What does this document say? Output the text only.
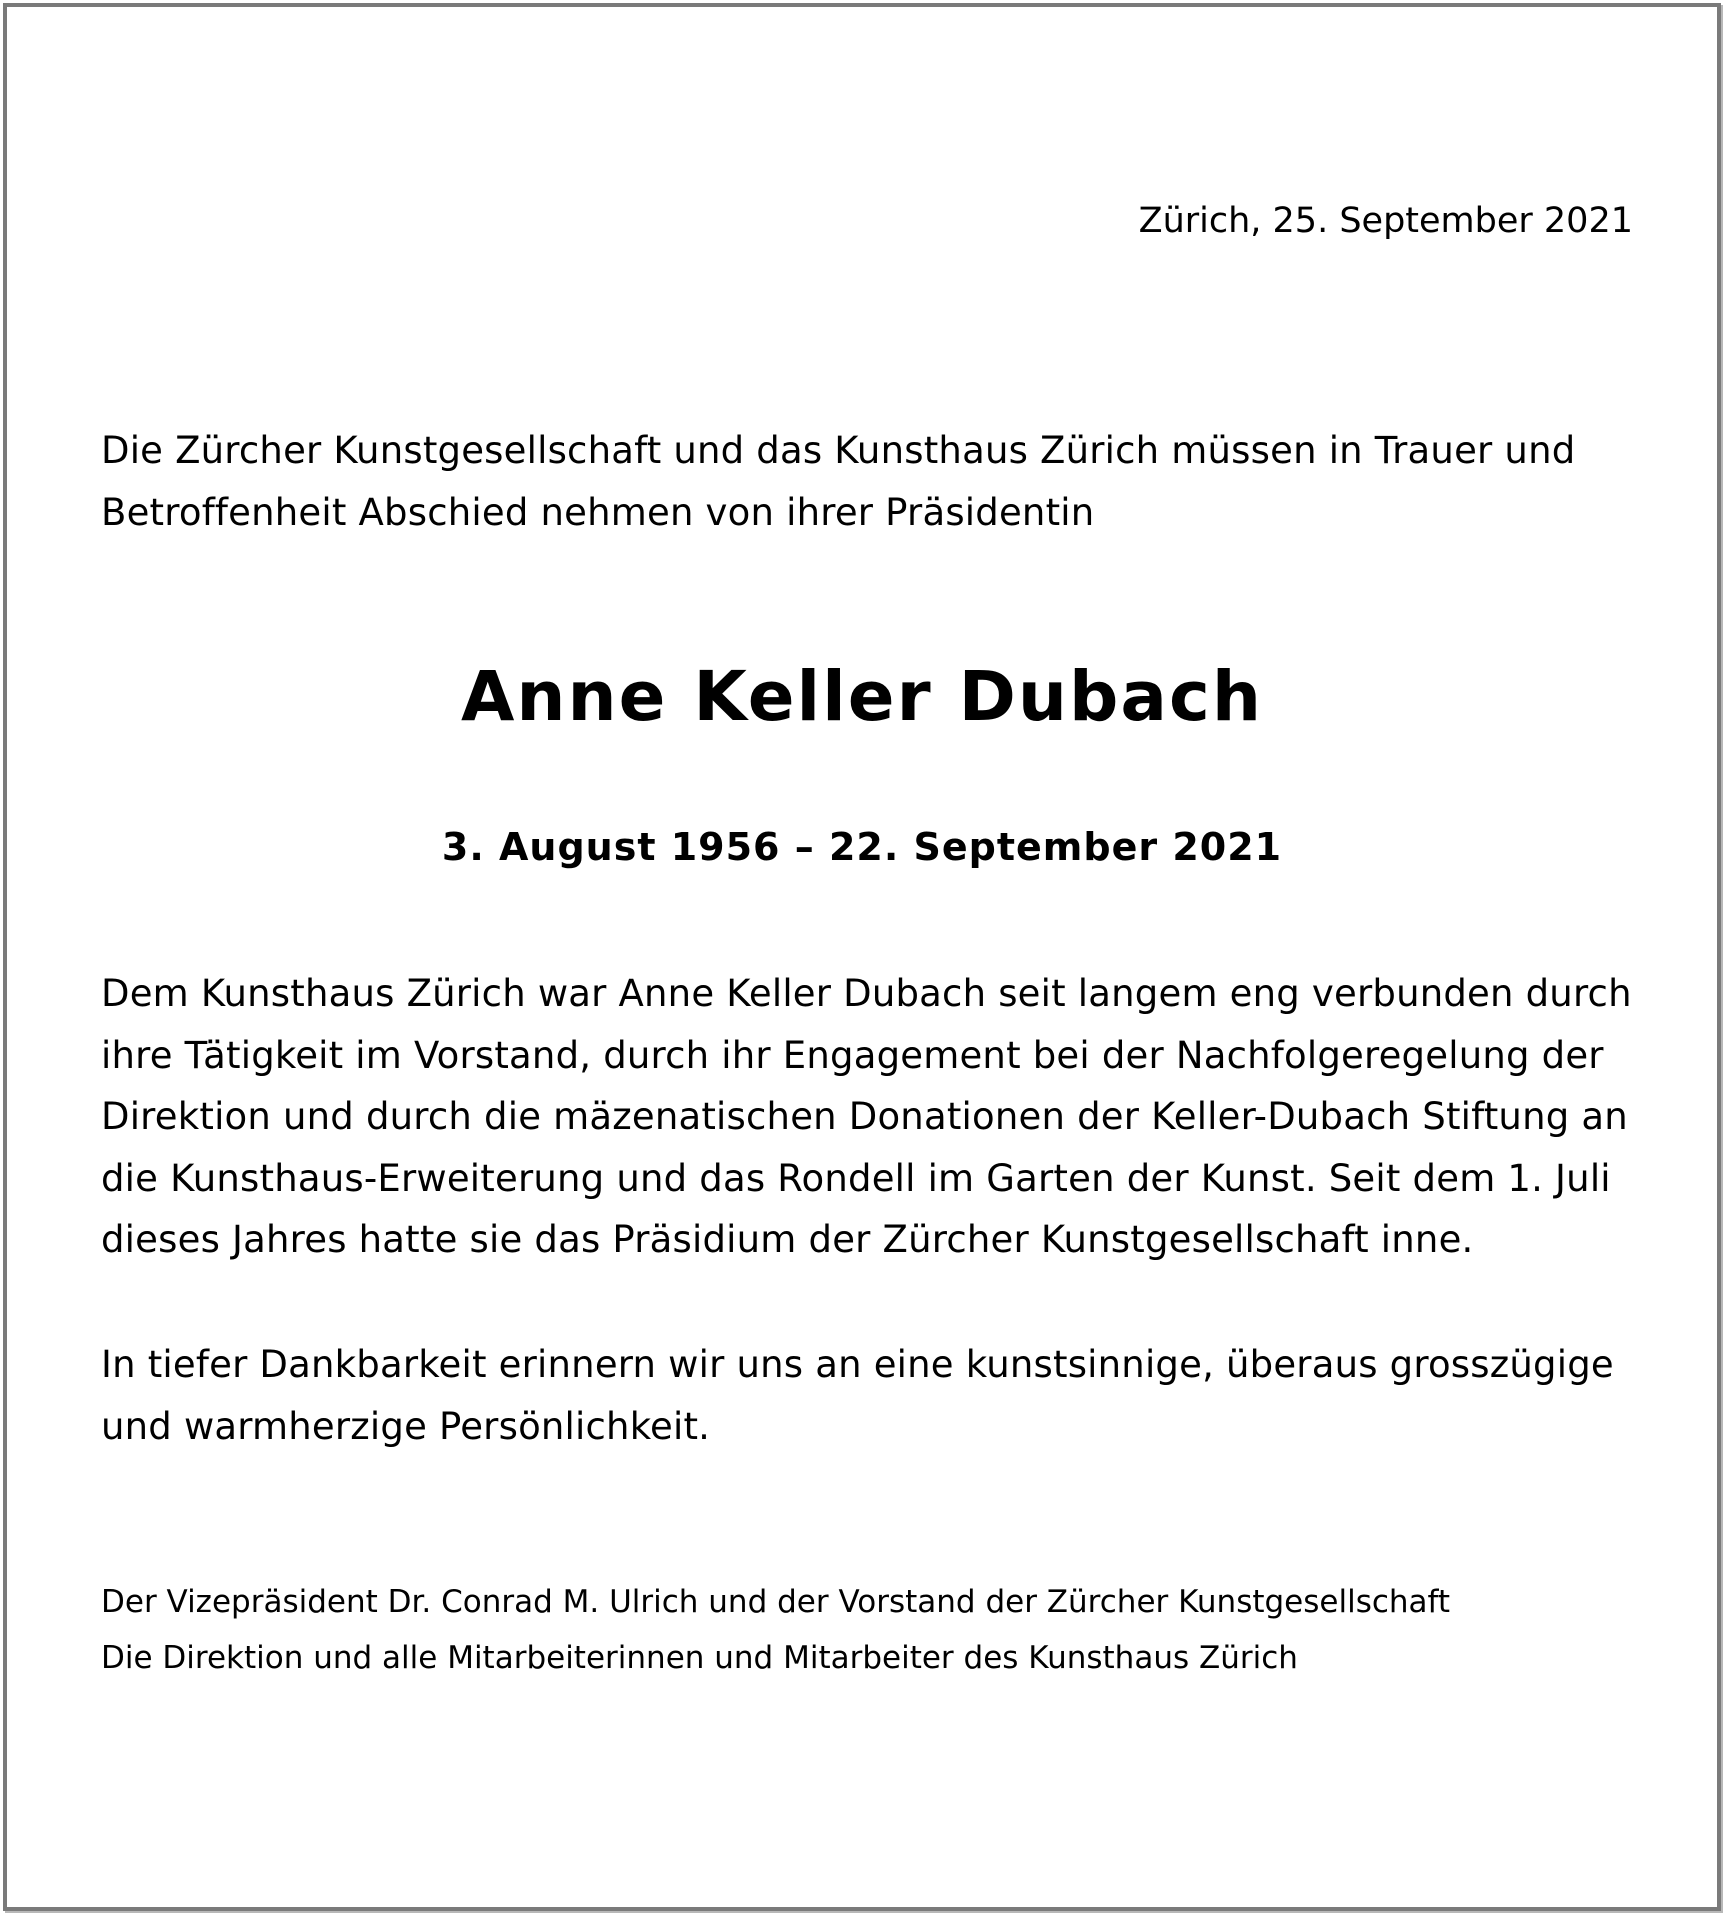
Zürich, 25. September 2021
Die Zürcher Kunstgesellschaft und das Kunsthaus Zürich müssen in Trauer und
Betroffenheit Abschied nehmen von ihrer Präsidentin
Anne Keller Dubach
3. August 1956 – 22. September 2021
Dem Kunsthaus Zürich war Anne Keller Dubach seit langem eng verbunden durch
ihre Tätigkeit im Vorstand, durch ihr Engagement bei der Nachfolgeregelung der
Direktion und durch die mäzenatischen Donationen der Keller-Dubach Stiftung an
die Kunsthaus-Erweiterung und das Rondell im Garten der Kunst. Seit dem 1. Juli
dieses Jahres hatte sie das Präsidium der Zürcher Kunstgesellschaft inne.
In tiefer Dankbarkeit erinnern wir uns an eine kunstsinnige, überaus grosszügige
und warmherzige Persönlichkeit.
Der Vizepräsident Dr. Conrad M. Ulrich und der Vorstand der Zürcher Kunstgesellschaft
Die Direktion und alle Mitarbeiterinnen und Mitarbeiter des Kunsthaus Zürich
